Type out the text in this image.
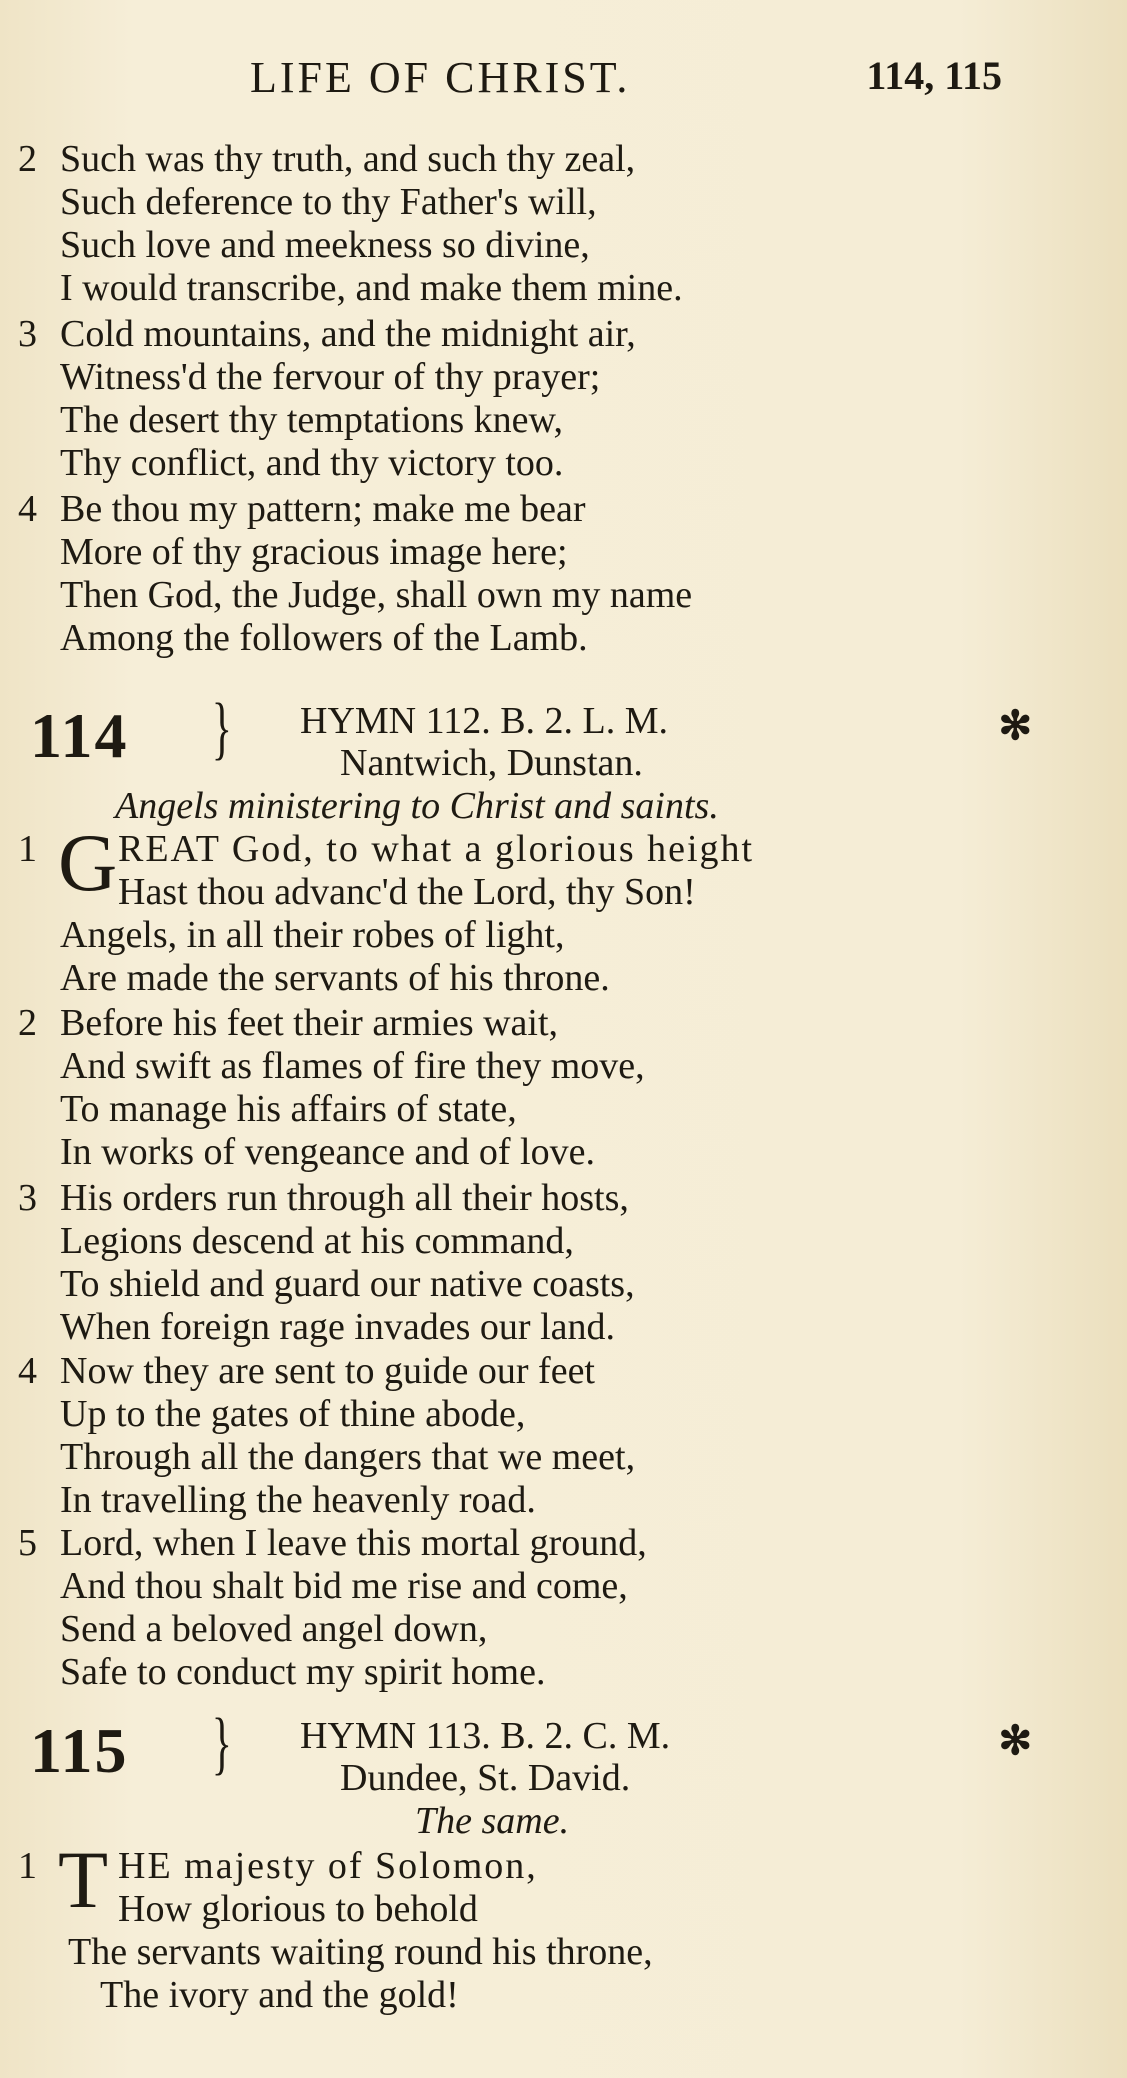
LIFE OF CHRIST.	114, 115
2 Such was thy truth, and such thy zeal,
Such deference to thy Father's will,
Such love and meekness so divine,
I would transcribe, and make them mine.
3 Cold mountains, and the midnight air,
Witness'd the fervour of thy prayer;
The desert thy temptations knew,
Thy conflict, and thy victory too.
4 Be thou my pattern; make me bear
More of thy gracious image here;
Then God, the Judge, shall own my name
Among the followers of the Lamb.
114 } HYMN 112. B. 2. L. M.
Nantwich, Dunstan.
✻
Angels ministering to Christ and saints.
1 G REAT God, to what a glorious height
Hast thou advanc'd the Lord, thy Son!
Angels, in all their robes of light,
Are made the servants of his throne.
2 Before his feet their armies wait,
And swift as flames of fire they move,
To manage his affairs of state,
In works of vengeance and of love.
3 His orders run through all their hosts,
Legions descend at his command,
To shield and guard our native coasts,
When foreign rage invades our land.
4 Now they are sent to guide our feet
Up to the gates of thine abode,
Through all the dangers that we meet,
In travelling the heavenly road.
5 Lord, when I leave this mortal ground,
And thou shalt bid me rise and come,
Send a beloved angel down,
Safe to conduct my spirit home.
115 } HYMN 113. B. 2. C. M.
Dundee, St. David.
✻
The same.
1 T HE majesty of Solomon,
How glorious to behold
The servants waiting round his throne,
The ivory and the gold!
